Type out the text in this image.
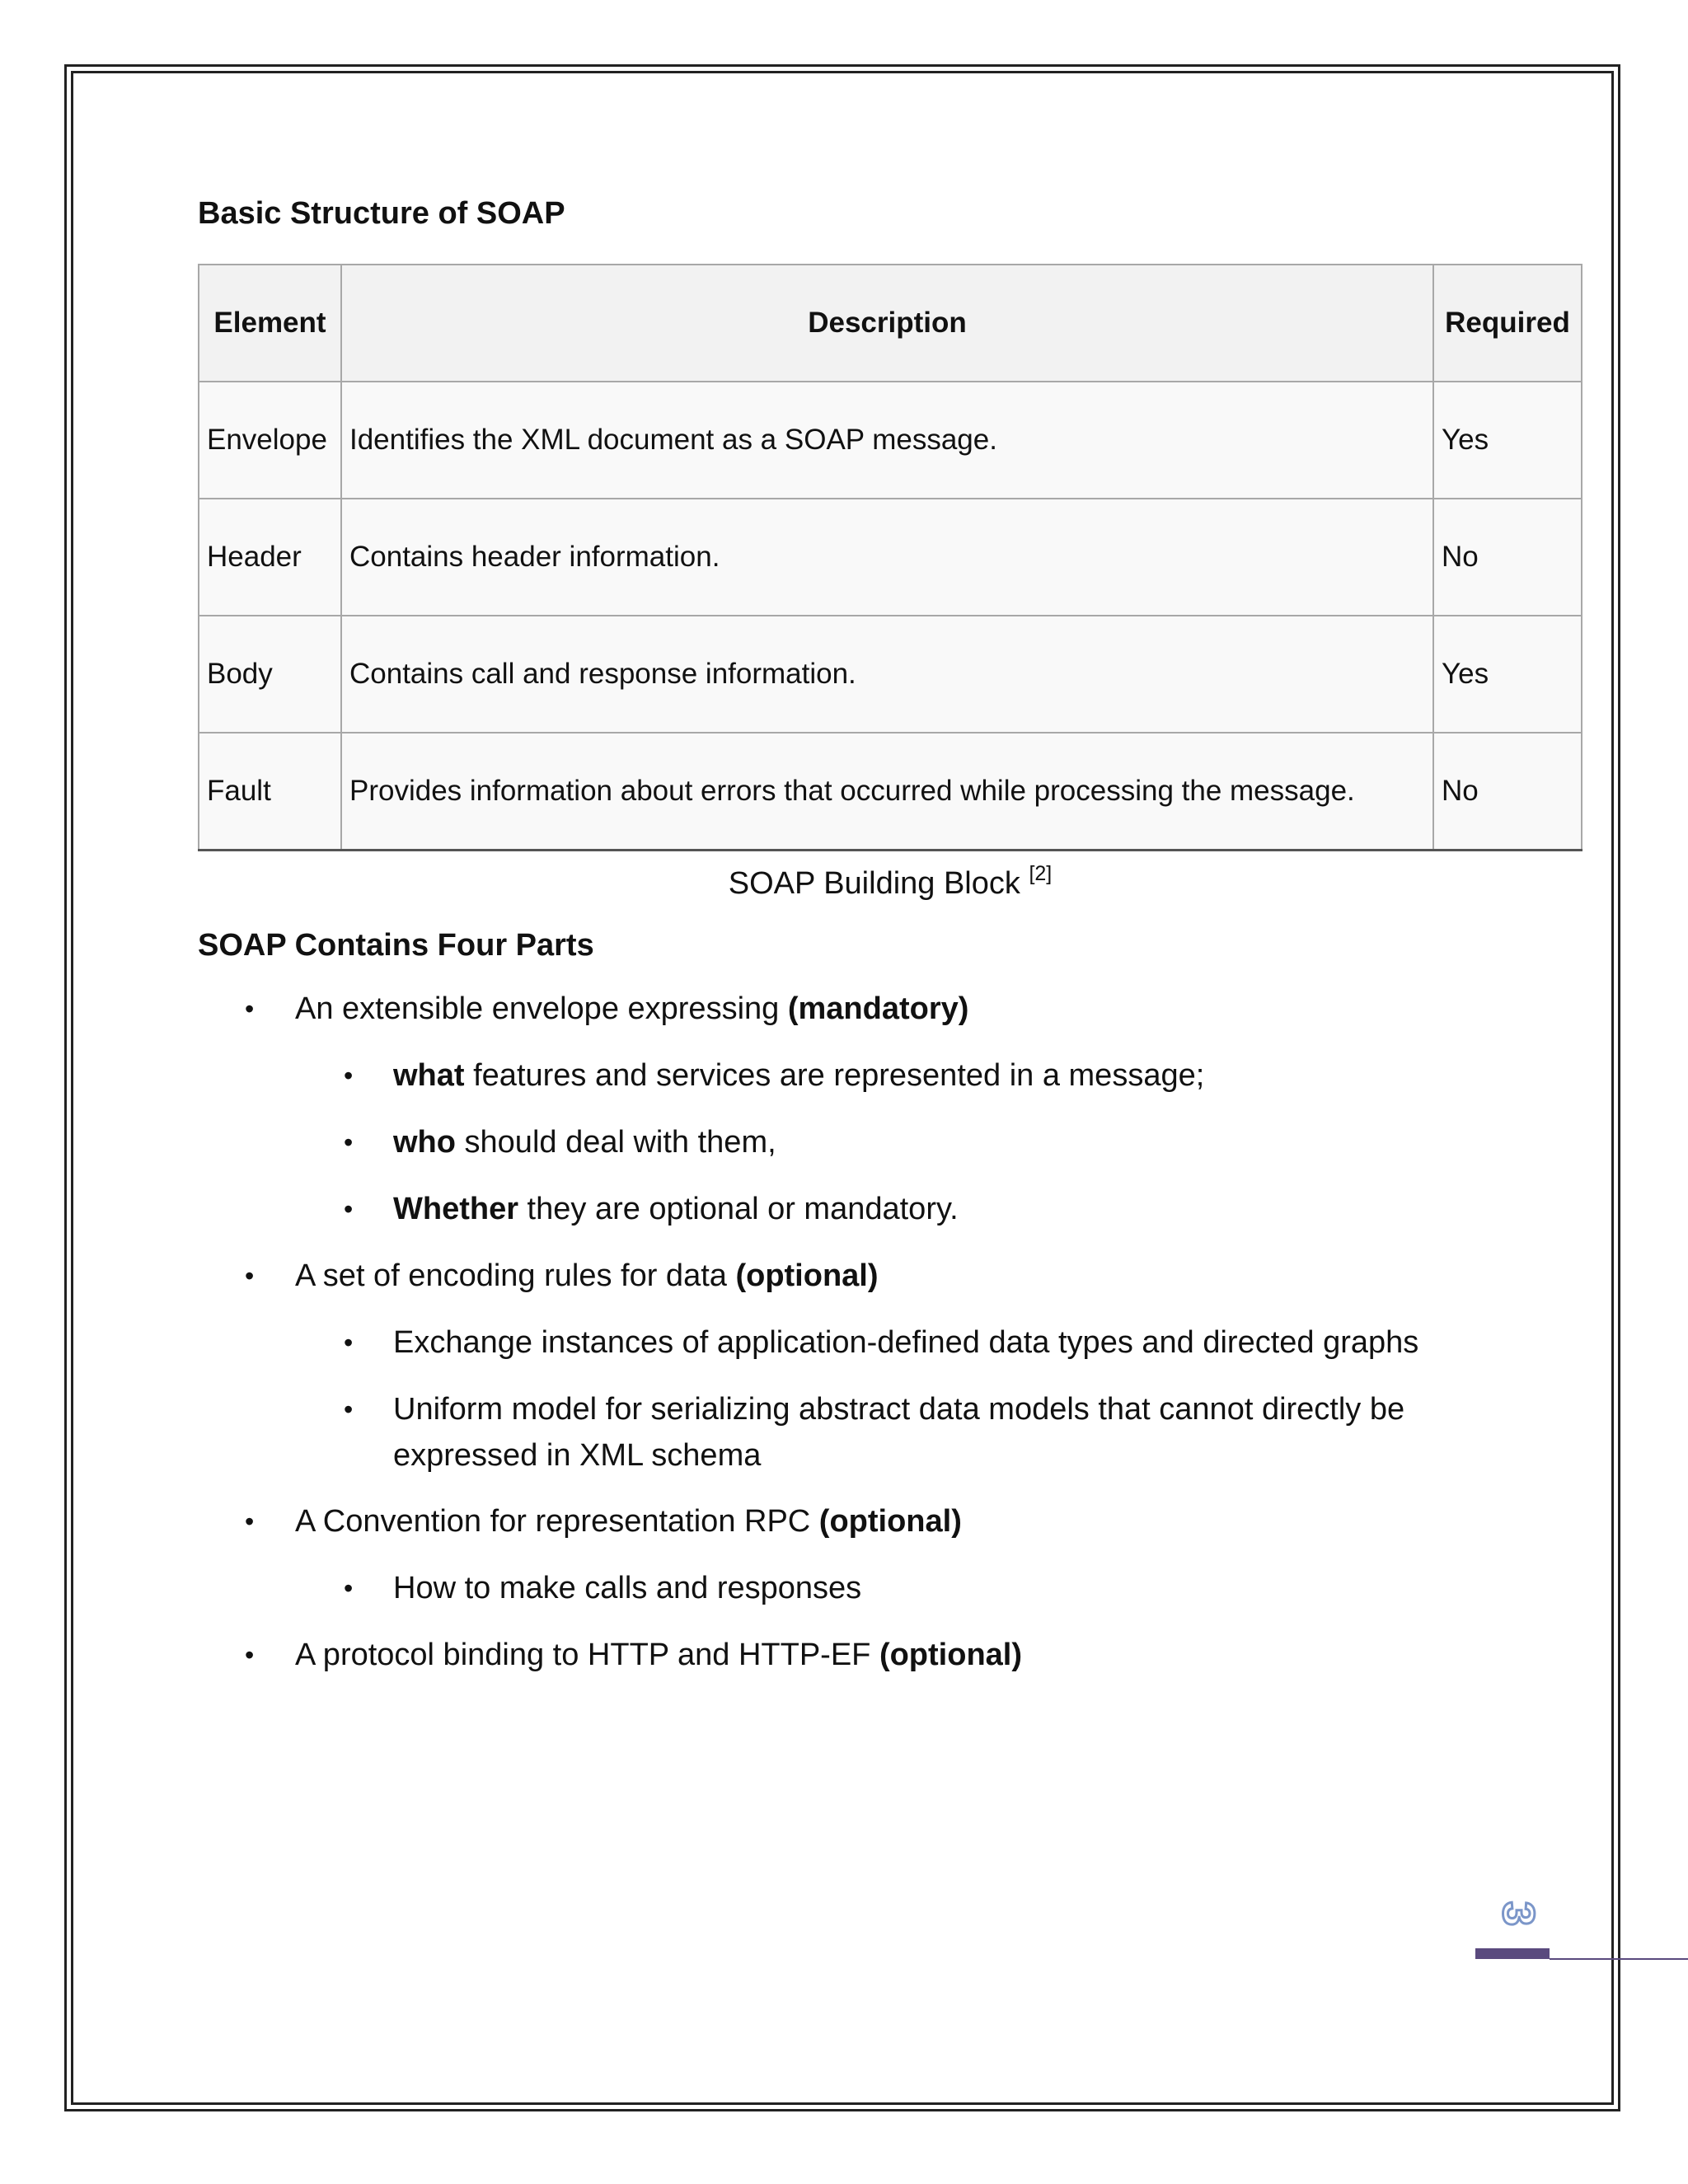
Basic Structure of SOAP
Element	Description	Required
Envelope	Identifies the XML document as a SOAP message.	Yes
Header	Contains header information.	No
Body	Contains call and response information.	Yes
Fault	Provides information about errors that occurred while processing the message.	No
SOAP Building Block [2]
SOAP Contains Four Parts
• An extensible envelope expressing (mandatory)
• what features and services are represented in a message;
• who should deal with them,
• Whether they are optional or mandatory.
• A set of encoding rules for data (optional)
• Exchange instances of application-defined data types and directed graphs
• Uniform model for serializing abstract data models that cannot directly be expressed in XML schema
• A Convention for representation RPC (optional)
• How to make calls and responses
• A protocol binding to HTTP and HTTP-EF (optional)
3
